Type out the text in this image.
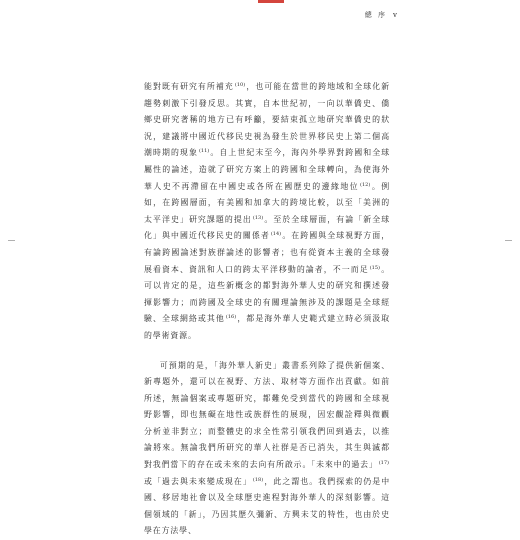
總 序 v

能對既有研究有所補充$^{(10)}$，也可能在當世的跨地域和全球化新趨勢刺激下引發反思。其實，自本世紀初，一向以華僑史、僑鄉史研究著稱的地方已有呼籲，要結束孤立地研究華僑史的狀況，建議將中國近代移民史視為發生於世界移民史上第二個高潮時期的現象$^{(11)}$。自上世紀末至今，海內外學界對跨國和全球屬性的論述，造就了研究方案上的跨國和全球轉向，為使海外華人史不再滯留在中國史或各所在國歷史的邊緣地位$^{(12)}$。例如，在跨國層面，有美國和加拿大的跨境比較，以至「美洲的太平洋史」研究課題的提出$^{(13)}$。至於全球層面，有論「新全球化」與中國近代移民史的關係者$^{(14)}$。在跨國與全球視野方面，有論跨國論述對族群論述的影響者；也有從資本主義的全球發展看資本、資訊和人口的跨太平洋移動的論者，不一而足$^{(15)}$。可以肯定的是，這些新概念的都對海外華人史的研究和撰述發揮影響力；而跨國及全球史的有關理論無涉及的課題是全球經驗、全球網絡或其他$^{(16)}$，都是海外華人史範式建立時必須汲取的學術資源。

可預期的是，「海外華人新史」叢書系列除了提供新個案、新專題外，還可以在視野、方法、取材等方面作出貢獻。如前所述，無論個案或專題研究，都難免受到當代的跨國和全球視野影響，即也無礙在地性或族群性的展現，因宏觀詮釋與微觀分析並非對立；而整體史的求全性常引領我們回到過去，以推論將來。無論我們所研究的華人社群是否已消失，其生與滅都對我們當下的存在或未來的去向有所啟示。「未來中的過去」$^{(17)}$或「過去與未來變成現在」$^{(18)}$，此之謂也。我們探索的仍是中國、移居地社會以及全球歷史進程對海外華人的深刻影響。這個領域的「新」，乃因其歷久彌新、方興未艾的特性，也由於史學在方法學、
